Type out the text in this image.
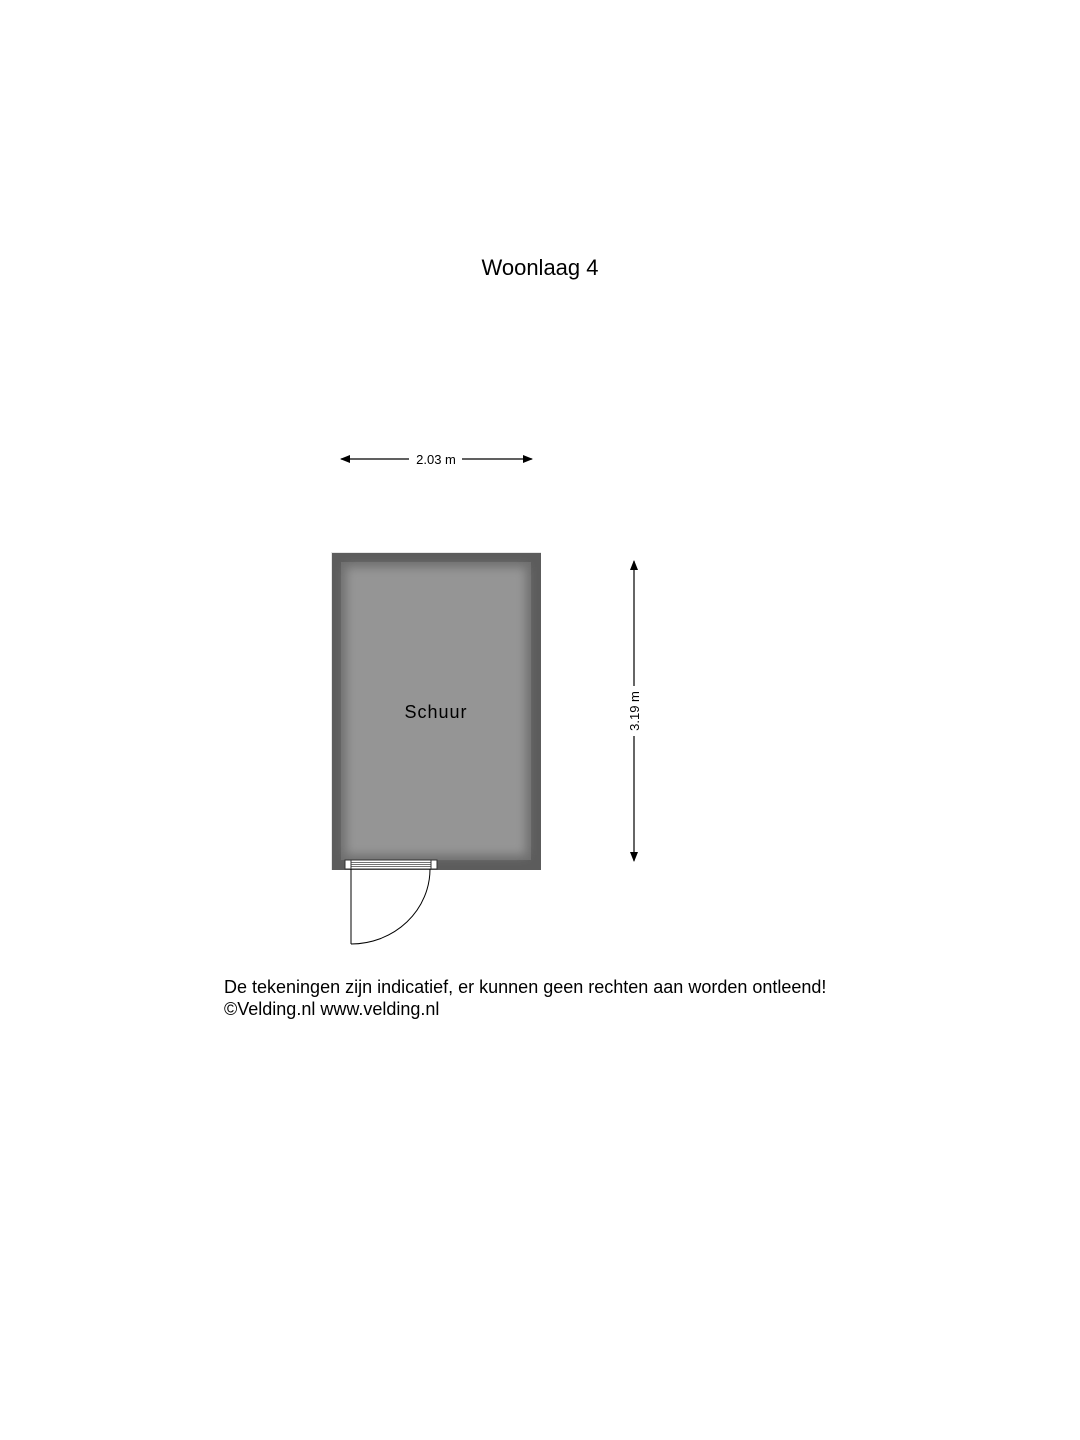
Woonlaag 4
2.03 m
3.19 m
Schuur
De tekeningen zijn indicatief, er kunnen geen rechten aan worden ontleend!
©Velding.nl www.velding.nl
